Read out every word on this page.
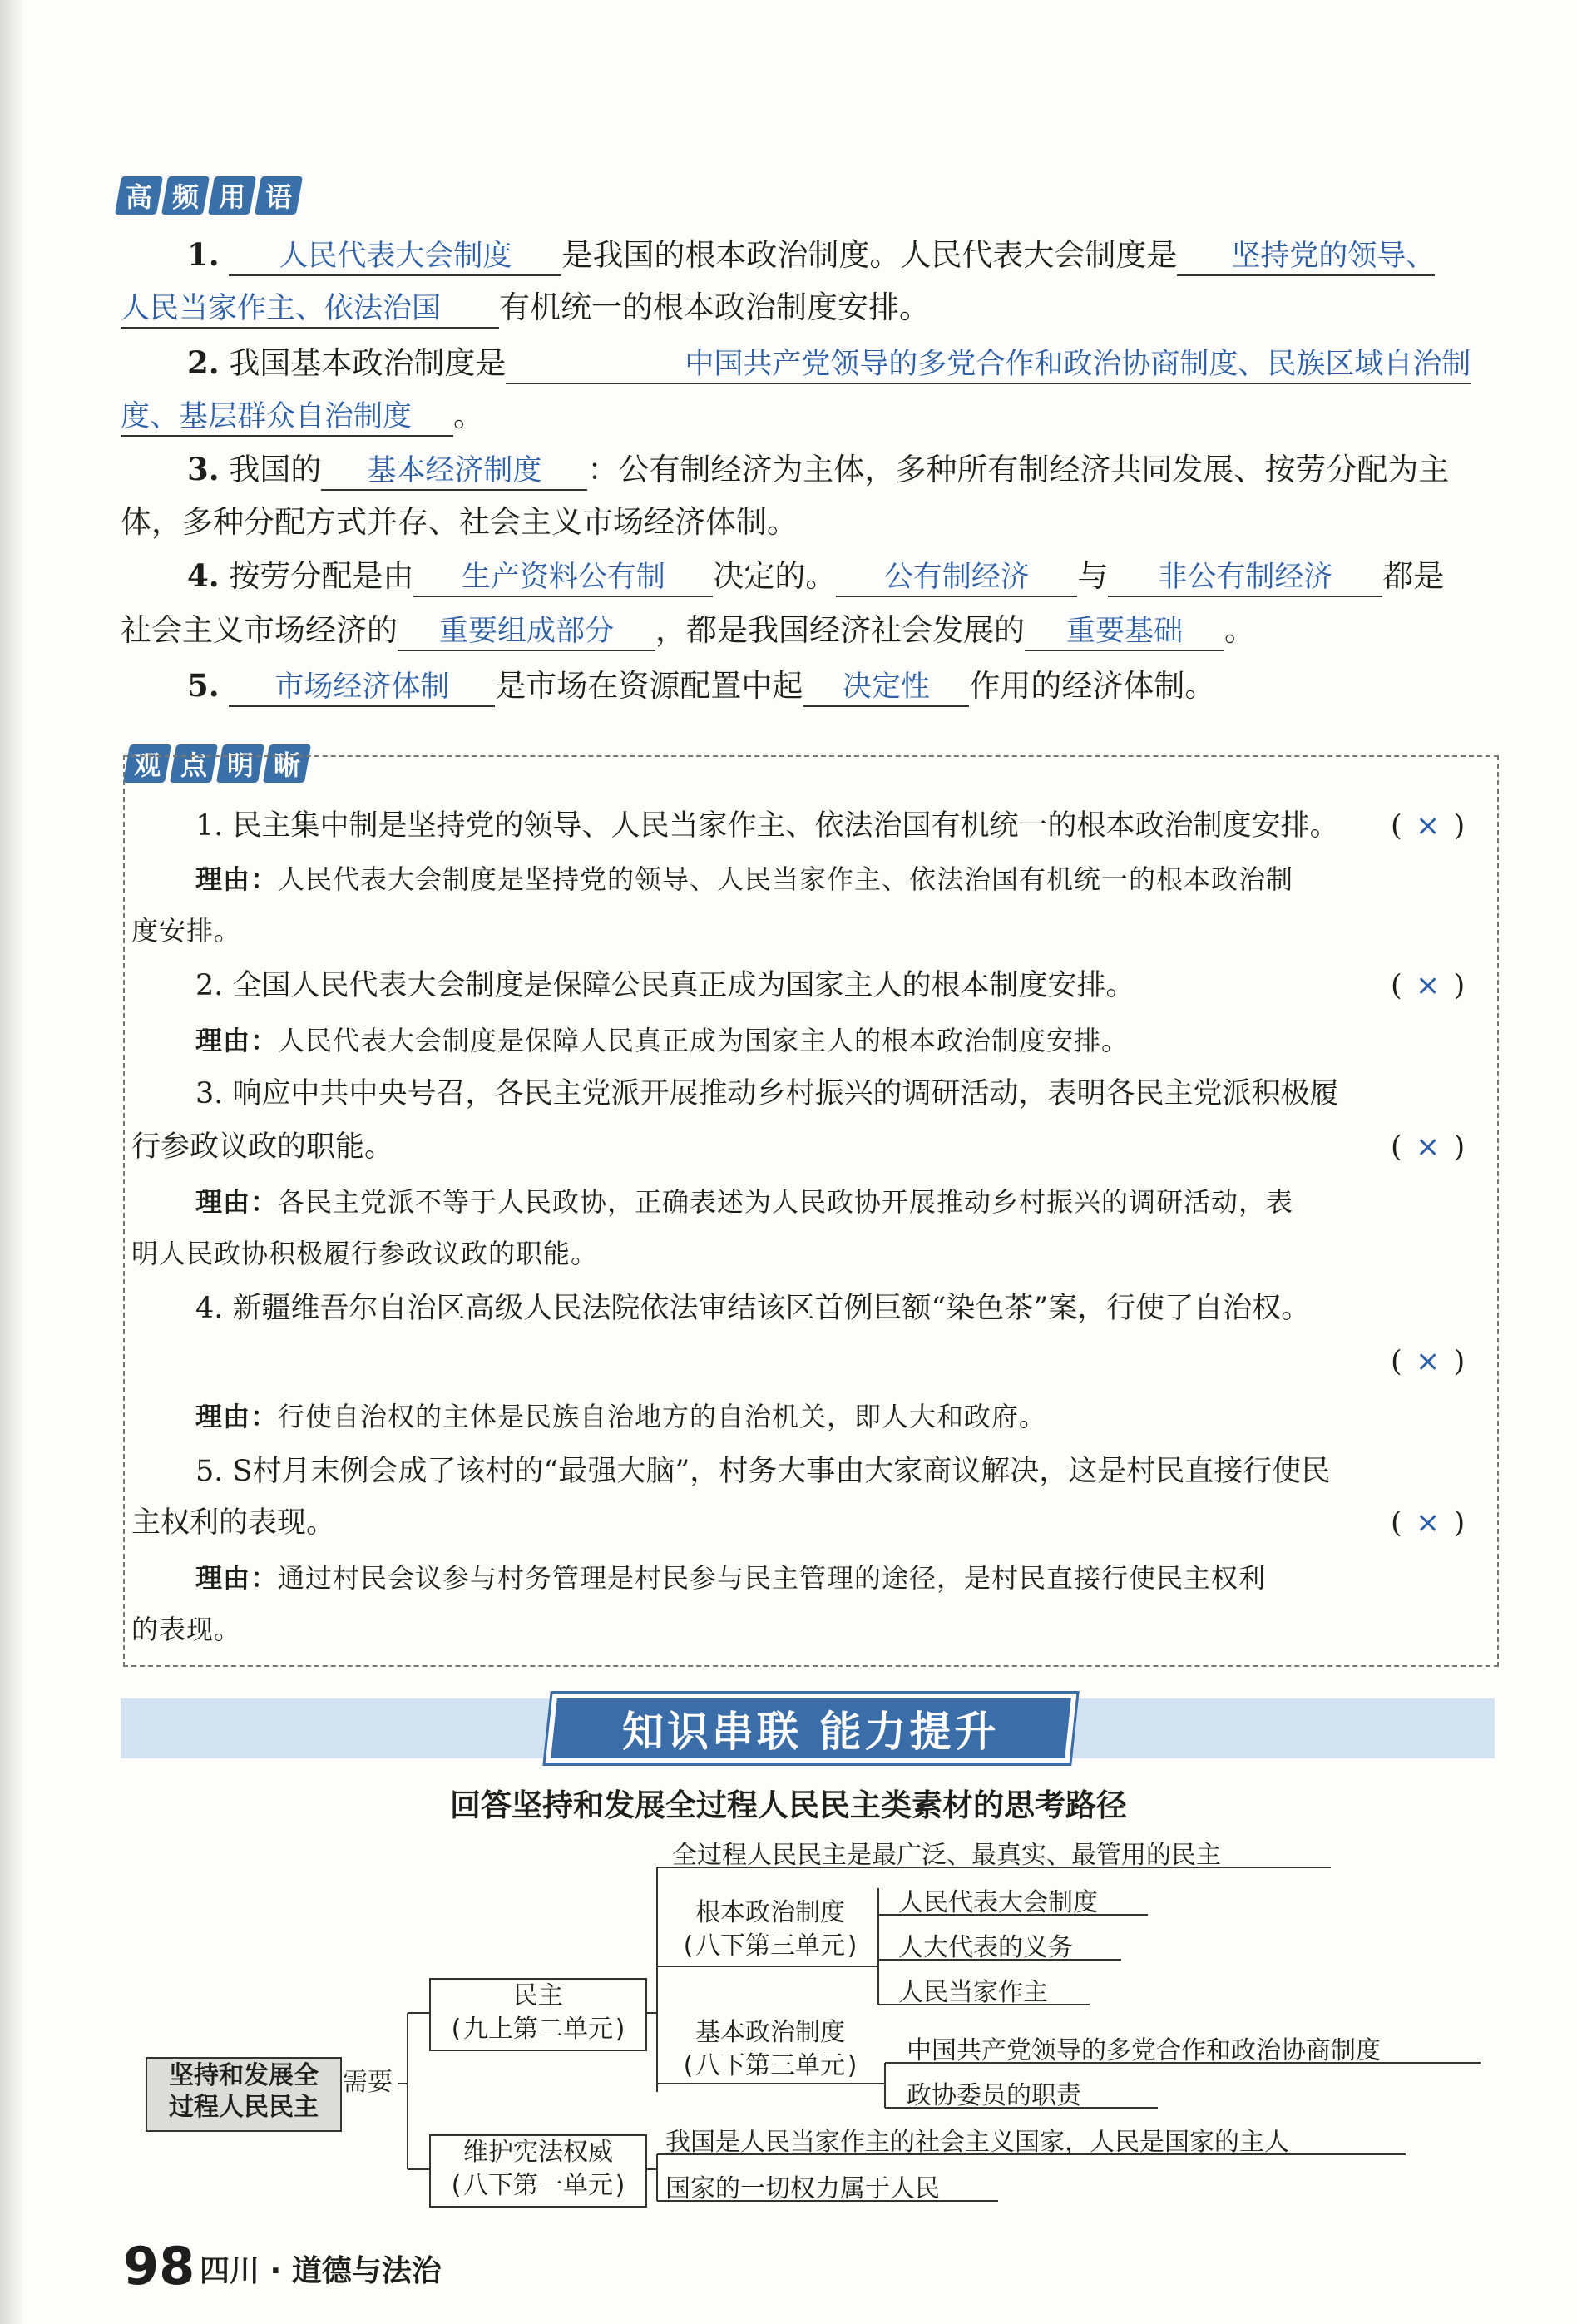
高 频 用 语
1. 人民代表大会制度 是我国的根本政治制度。人民代表大会制度是 坚持党的领导、
人民当家作主、依法治国 有机统一的根本政治制度安排。
2. 我国基本政治制度是	中国共产党领导的多党合作和政治协商制度、民族区域自治制
度、基层群众自治制度 。
3. 我国的 基本经济制度 ：公有制经济为主体，多种所有制经济共同发展、按劳分配为主
体，多种分配方式并存、社会主义市场经济体制。
4. 按劳分配是由 生产资料公有制 决定的。 公有制经济 与 非公有制经济 都是
社会主义市场经济的 重要组成部分 ，都是我国经济社会发展的 重要基础 。
5. 市场经济体制 是市场在资源配置中起 决定性 作用的经济体制。
观 点 明 晰
1. 民主集中制是坚持党的领导、人民当家作主、依法治国有机统一的根本政治制度安排。	( × )
理由：人民代表大会制度是坚持党的领导、人民当家作主、依法治国有机统一的根本政治制
度安排。
2. 全国人民代表大会制度是保障公民真正成为国家主人的根本制度安排。	( × )
理由：人民代表大会制度是保障人民真正成为国家主人的根本政治制度安排。
3. 响应中共中央号召，各民主党派开展推动乡村振兴的调研活动，表明各民主党派积极履
行参政议政的职能。	( × )
理由：各民主党派不等于人民政协，正确表述为人民政协开展推动乡村振兴的调研活动，表
明人民政协积极履行参政议政的职能。
4. 新疆维吾尔自治区高级人民法院依法审结该区首例巨额“染色茶”案，行使了自治权。
( × )
理由：行使自治权的主体是民族自治地方的自治机关，即人大和政府。
5. S村月末例会成了该村的“最强大脑”，村务大事由大家商议解决，这是村民直接行使民
主权利的表现。	( × )
理由：通过村民会议参与村务管理是村民参与民主管理的途径，是村民直接行使民主权利
的表现。
知识串联 能力提升
回答坚持和发展全过程人民民主类素材的思考路径
坚持和发展全
过程人民民主
需要
民主
(九上第二单元)
维护宪法权威
(八下第一单元)
全过程人民民主是最广泛、最真实、最管用的民主
根本政治制度
(八下第三单元)
人民代表大会制度
人大代表的义务
人民当家作主
基本政治制度
(八下第三单元)
中国共产党领导的多党合作和政治协商制度
政协委员的职责
我国是人民当家作主的社会主义国家，人民是国家的主人
国家的一切权力属于人民
98 四川 · 道德与法治
